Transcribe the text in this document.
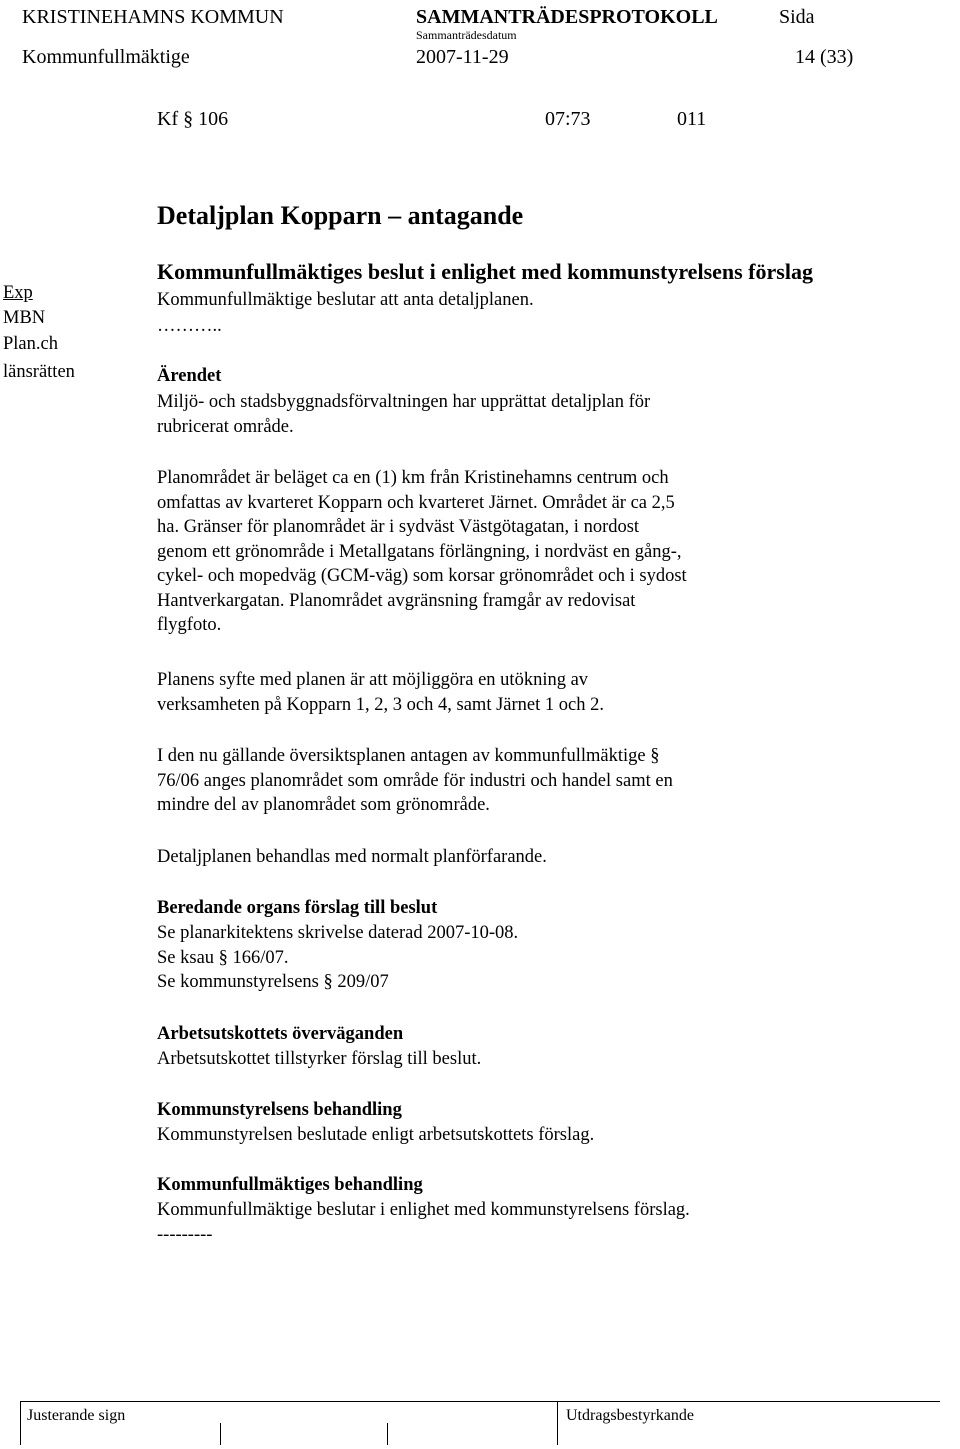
KRISTINEHAMNS KOMMUN	SAMMANTRÄDESPROTOKOLL	Sida
Sammanträdesdatum
Kommunfullmäktige	2007-11-29	14 (33)
Kf § 106	07:73	011
Detaljplan Kopparn – antagande
Exp
MBN
Plan.ch
länsrätten
Kommunfullmäktiges beslut i enlighet med kommunstyrelsens förslag
Kommunfullmäktige beslutar att anta detaljplanen.
………..
Ärendet
Miljö- och stadsbyggnadsförvaltningen har upprättat detaljplan för
rubricerat område.
Planområdet är beläget ca en (1) km från Kristinehamns centrum och
omfattas av kvarteret Kopparn och kvarteret Järnet. Området är ca 2,5
ha. Gränser för planområdet är i sydväst Västgötagatan, i nordost
genom ett grönområde i Metallgatans förlängning, i nordväst en gång-,
cykel- och mopedväg (GCM-väg) som korsar grönområdet och i sydost
Hantverkargatan. Planområdet avgränsning framgår av redovisat
flygfoto.
Planens syfte med planen är att möjliggöra en utökning av
verksamheten på Kopparn 1, 2, 3 och 4, samt Järnet 1 och 2.
I den nu gällande översiktsplanen antagen av kommunfullmäktige §
76/06 anges planområdet som område för industri och handel samt en
mindre del av planområdet som grönområde.
Detaljplanen behandlas med normalt planförfarande.
Beredande organs förslag till beslut
Se planarkitektens skrivelse daterad 2007-10-08.
Se ksau § 166/07.
Se kommunstyrelsens § 209/07
Arbetsutskottets överväganden
Arbetsutskottet tillstyrker förslag till beslut.
Kommunstyrelsens behandling
Kommunstyrelsen beslutade enligt arbetsutskottets förslag.
Kommunfullmäktiges behandling
Kommunfullmäktige beslutar i enlighet med kommunstyrelsens förslag.
---------
Justerande sign	Utdragsbestyrkande
